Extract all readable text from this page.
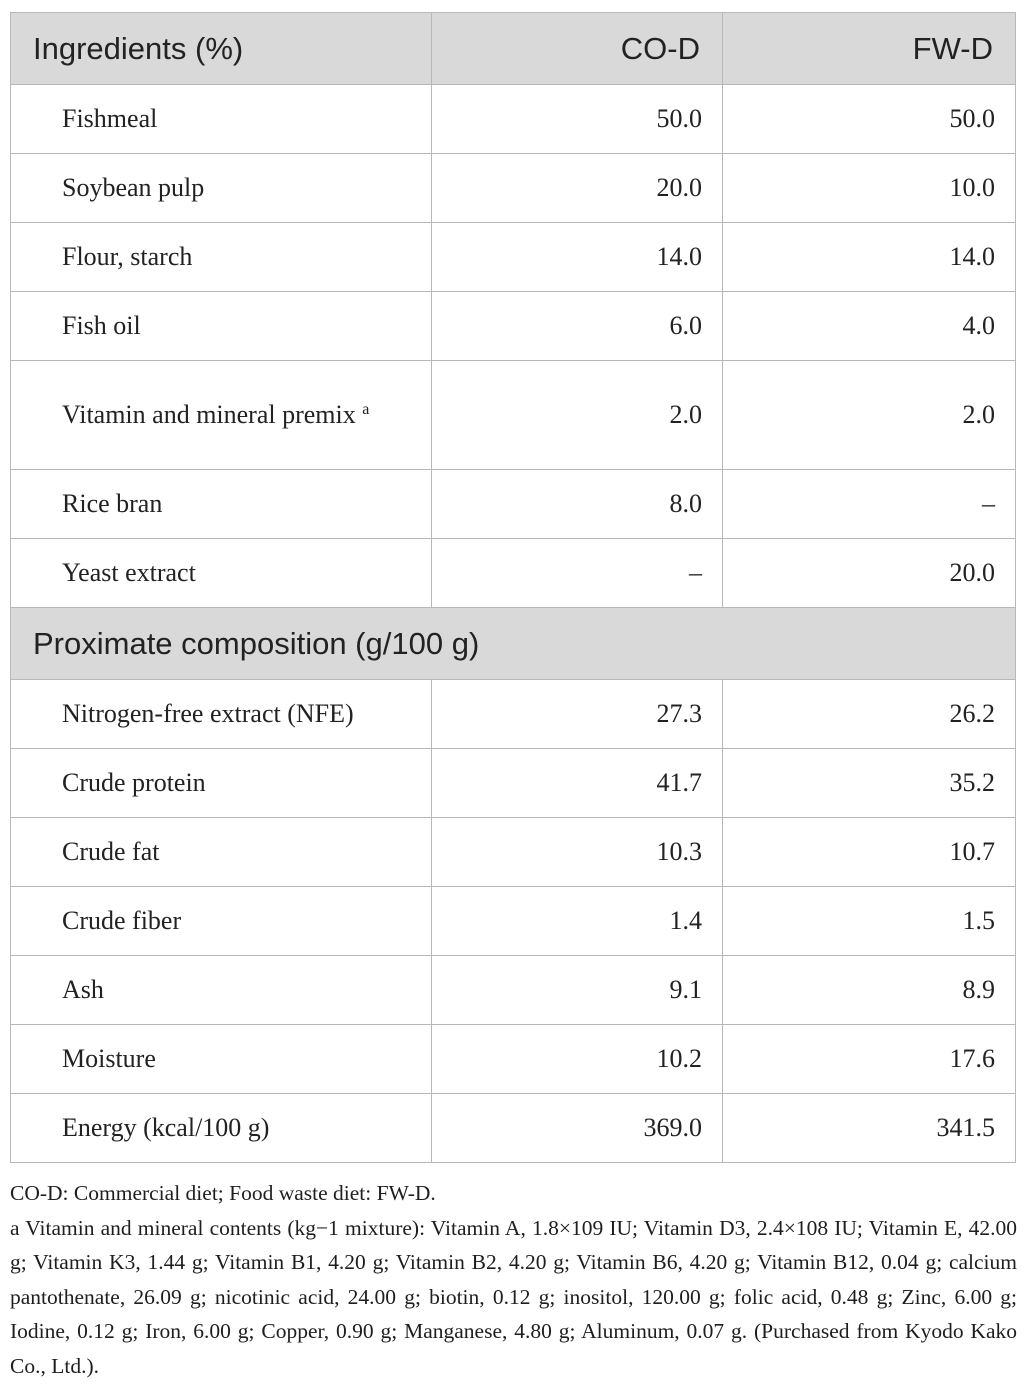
Ingredients (%)	CO-D	FW-D
Fishmeal	50.0	50.0
Soybean pulp	20.0	10.0
Flour, starch	14.0	14.0
Fish oil	6.0	4.0
Vitamin and mineral premix $^a$	2.0	2.0
Rice bran	8.0	–
Yeast extract	–	20.0
Proximate composition (g/100 g)		
Nitrogen-free extract (NFE)	27.3	26.2
Crude protein	41.7	35.2
Crude fat	10.3	10.7
Crude fiber	1.4	1.5
Ash	9.1	8.9
Moisture	10.2	17.6
Energy (kcal/100 g)	369.0	341.5

CO-D: Commercial diet; Food waste diet: FW-D.

a Vitamin and mineral contents (kg−1 mixture): Vitamin A, 1.8×109 IU; Vitamin D3, 2.4×108 IU; Vitamin E, 42.00 g; Vitamin K3, 1.44 g; Vitamin B1, 4.20 g; Vitamin B2, 4.20 g; Vitamin B6, 4.20 g; Vitamin B12, 0.04 g; calcium pantothenate, 26.09 g; nicotinic acid, 24.00 g; biotin, 0.12 g; inositol, 120.00 g; folic acid, 0.48 g; Zinc, 6.00 g; Iodine, 0.12 g; Iron, 6.00 g; Copper, 0.90 g; Manganese, 4.80 g; Aluminum, 0.07 g. (Purchased from Kyodo Kako Co., Ltd.).
